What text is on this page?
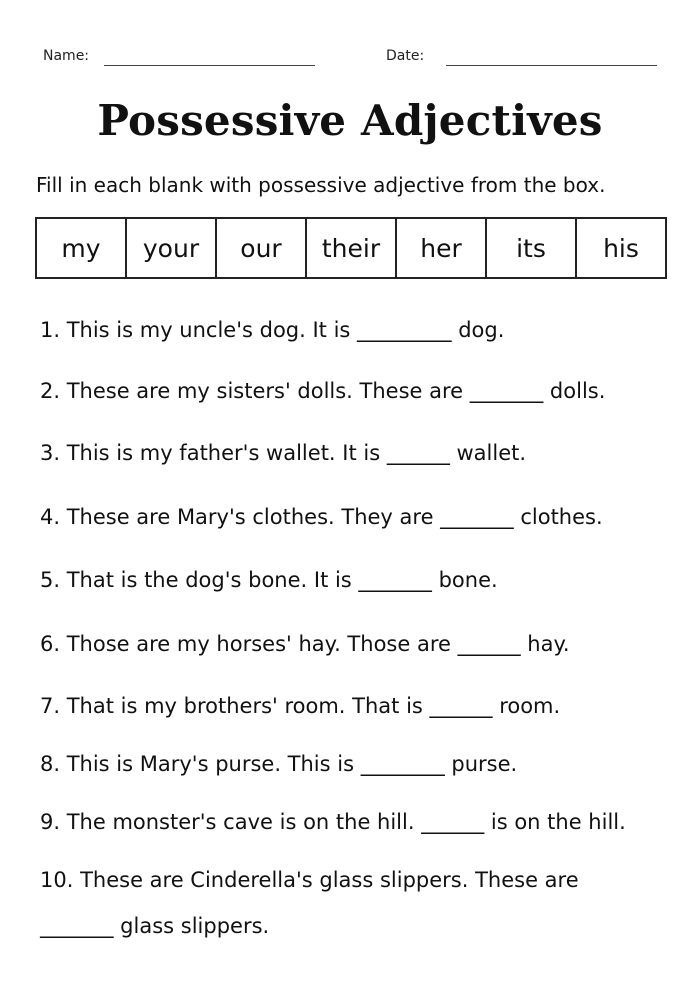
Name:	Date:
Possessive Adjectives
Fill in each blank with possessive adjective from the box.
my	your	our	their	her	its	his
1. This is my uncle's dog. It is _________ dog.
2. These are my sisters' dolls. These are _______ dolls.
3. This is my father's wallet. It is ______ wallet.
4. These are Mary's clothes. They are _______ clothes.
5. That is the dog's bone. It is _______ bone.
6. Those are my horses' hay. Those are ______ hay.
7. That is my brothers' room. That is ______ room.
8. This is Mary's purse. This is ________ purse.
9. The monster's cave is on the hill. ______ is on the hill.
10. These are Cinderella's glass slippers. These are
_______ glass slippers.
